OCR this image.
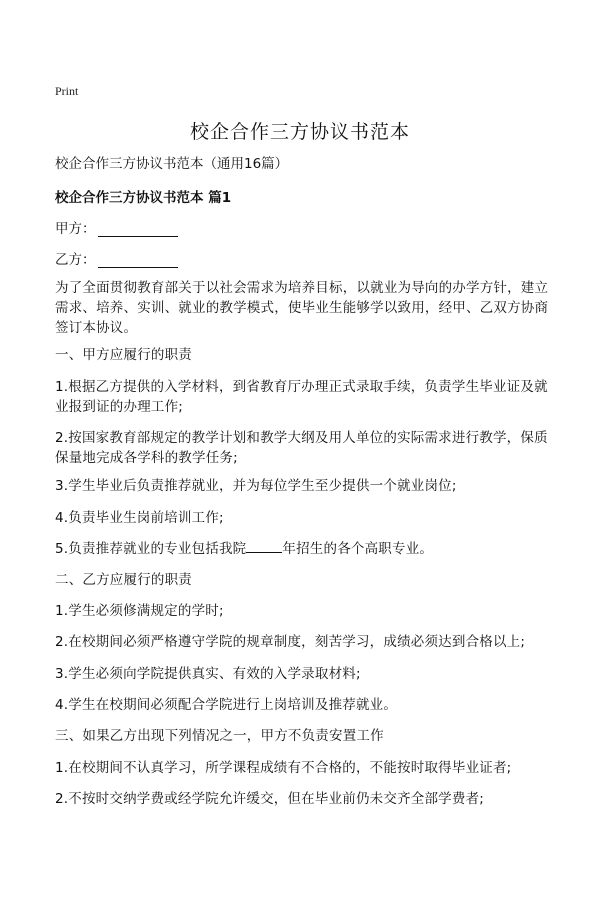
Print
校企合作三方协议书范本
校企合作三方协议书范本（通用16篇）
校企合作三方协议书范本 篇1
甲方：
乙方：
为了全面贯彻教育部关于以社会需求为培养目标，以就业为导向的办学方针，建立需求、培养、实训、就业的教学模式，使毕业生能够学以致用，经甲、乙双方协商签订本协议。
一、甲方应履行的职责
1.根据乙方提供的入学材料，到省教育厅办理正式录取手续，负责学生毕业证及就业报到证的办理工作;
2.按国家教育部规定的教学计划和教学大纲及用人单位的实际需求进行教学，保质保量地完成各学科的教学任务;
3.学生毕业后负责推荐就业，并为每位学生至少提供一个就业岗位;
4.负责毕业生岗前培训工作;
5.负责推荐就业的专业包括我院	年招生的各个高职专业。
二、乙方应履行的职责
1.学生必须修满规定的学时;
2.在校期间必须严格遵守学院的规章制度，刻苦学习，成绩必须达到合格以上;
3.学生必须向学院提供真实、有效的入学录取材料;
4.学生在校期间必须配合学院进行上岗培训及推荐就业。
三、如果乙方出现下列情况之一，甲方不负责安置工作
1.在校期间不认真学习，所学课程成绩有不合格的，不能按时取得毕业证者;
2.不按时交纳学费或经学院允许缓交，但在毕业前仍未交齐全部学费者;
